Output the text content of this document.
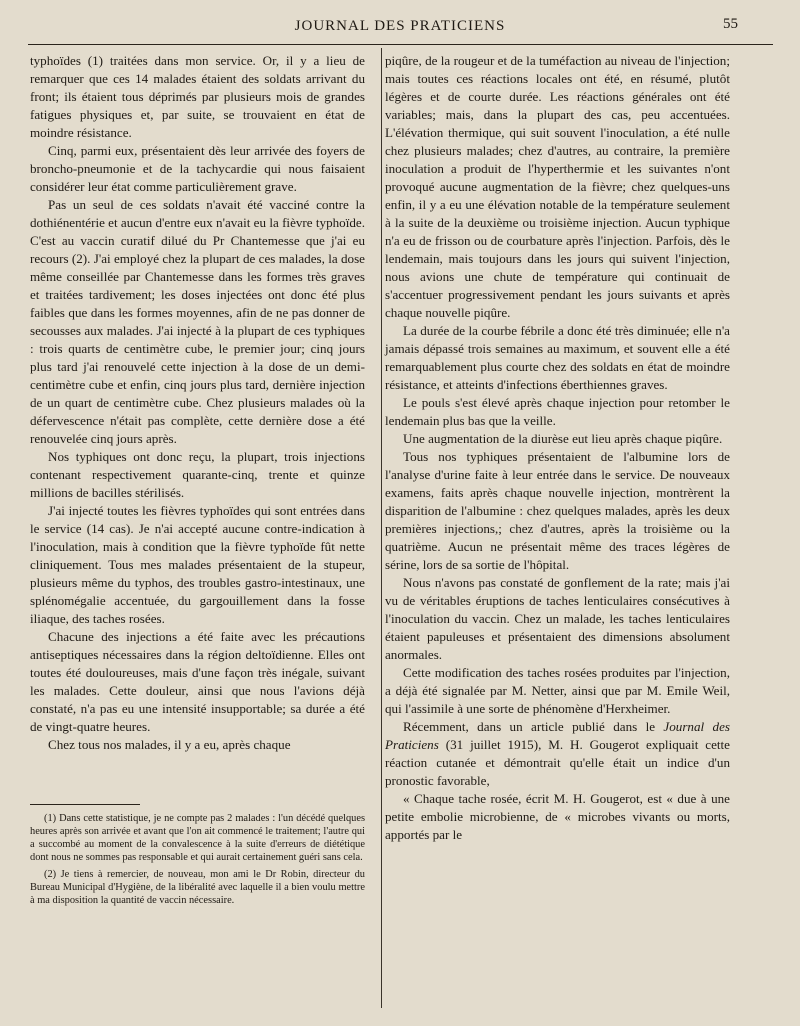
JOURNAL DES PRATICIENS	55

typhoïdes (1) traitées dans mon service. Or, il y a lieu de remarquer que ces 14 malades étaient des soldats arrivant du front; ils étaient tous déprimés par plusieurs mois de grandes fatigues physiques et, par suite, se trouvaient en état de moindre résistance.

Cinq, parmi eux, présentaient dès leur arrivée des foyers de broncho-pneumonie et de la tachycardie qui nous faisaient considérer leur état comme particulièrement grave.

Pas un seul de ces soldats n'avait été vacciné contre la dothiénentérie et aucun d'entre eux n'avait eu la fièvre typhoïde. C'est au vaccin curatif dilué du Pr Chantemesse que j'ai eu recours (2). J'ai employé chez la plupart de ces malades, la dose même conseillée par Chantemesse dans les formes très graves et traitées tardivement; les doses injectées ont donc été plus faibles que dans les formes moyennes, afin de ne pas donner de secousses aux malades. J'ai injecté à la plupart de ces typhiques : trois quarts de centimètre cube, le premier jour; cinq jours plus tard j'ai renouvelé cette injection à la dose de un demi-centimètre cube et enfin, cinq jours plus tard, dernière injection de un quart de centimètre cube. Chez plusieurs malades où la défervescence n'était pas complète, cette dernière dose a été renouvelée cinq jours après.

Nos typhiques ont donc reçu, la plupart, trois injections contenant respectivement quarante-cinq, trente et quinze millions de bacilles stérilisés.

J'ai injecté toutes les fièvres typhoïdes qui sont entrées dans le service (14 cas). Je n'ai accepté aucune contre-indication à l'inoculation, mais à condition que la fièvre typhoïde fût nette cliniquement. Tous mes malades présentaient de la stupeur, plusieurs même du typhos, des troubles gastro-intestinaux, une splénomégalie accentuée, du gargouillement dans la fosse iliaque, des taches rosées.

Chacune des injections a été faite avec les précautions antiseptiques nécessaires dans la région deltoïdienne. Elles ont toutes été douloureuses, mais d'une façon très inégale, suivant les malades. Cette douleur, ainsi que nous l'avions déjà constaté, n'a pas eu une intensité insupportable; sa durée a été de vingt-quatre heures.

Chez tous nos malades, il y a eu, après chaque

(1) Dans cette statistique, je ne compte pas 2 malades : l'un décédé quelques heures après son arrivée et avant que l'on ait commencé le traitement; l'autre qui a succombé au moment de la convalescence à la suite d'erreurs de diététique dont nous ne sommes pas responsable et qui aurait certainement guéri sans cela.

(2) Je tiens à remercier, de nouveau, mon ami le Dr Robin, directeur du Bureau Municipal d'Hygiène, de la libéralité avec laquelle il a bien voulu mettre à ma disposition la quantité de vaccin nécessaire.

piqûre, de la rougeur et de la tuméfaction au niveau de l'injection; mais toutes ces réactions locales ont été, en résumé, plutôt légères et de courte durée. Les réactions générales ont été variables; mais, dans la plupart des cas, peu accentuées. L'élévation thermique, qui suit souvent l'inoculation, a été nulle chez plusieurs malades; chez d'autres, au contraire, la première inoculation a produit de l'hyperthermie et les suivantes n'ont provoqué aucune augmentation de la fièvre; chez quelques-uns enfin, il y a eu une élévation notable de la température seulement à la suite de la deuxième ou troisième injection. Aucun typhique n'a eu de frisson ou de courbature après l'injection. Parfois, dès le lendemain, mais toujours dans les jours qui suivent l'injection, nous avions une chute de température qui continuait de s'accentuer progressivement pendant les jours suivants et après chaque nouvelle piqûre.

La durée de la courbe fébrile a donc été très diminuée; elle n'a jamais dépassé trois semaines au maximum, et souvent elle a été remarquablement plus courte chez des soldats en état de moindre résistance, et atteints d'infections éberthiennes graves.

Le pouls s'est élevé après chaque injection pour retomber le lendemain plus bas que la veille.

Une augmentation de la diurèse eut lieu après chaque piqûre.

Tous nos typhiques présentaient de l'albumine lors de l'analyse d'urine faite à leur entrée dans le service. De nouveaux examens, faits après chaque nouvelle injection, montrèrent la disparition de l'albumine : chez quelques malades, après les deux premières injections,; chez d'autres, après la troisième ou la quatrième. Aucun ne présentait même des traces légères de sérine, lors de sa sortie de l'hôpital.

Nous n'avons pas constaté de gonflement de la rate; mais j'ai vu de véritables éruptions de taches lenticulaires consécutives à l'inoculation du vaccin. Chez un malade, les taches lenticulaires étaient papuleuses et présentaient des dimensions absolument anormales.

Cette modification des taches rosées produites par l'injection, a déjà été signalée par M. Netter, ainsi que par M. Emile Weil, qui l'assimile à une sorte de phénomène d'Herxheimer.

Récemment, dans un article publié dans le Journal des Praticiens (31 juillet 1915), M. H. Gougerot expliquait cette réaction cutanée et démontrait qu'elle était un indice d'un pronostic favorable,

« Chaque tache rosée, écrit M. H. Gougerot, est « due à une petite embolie microbienne, de « microbes vivants ou morts, apportés par le
